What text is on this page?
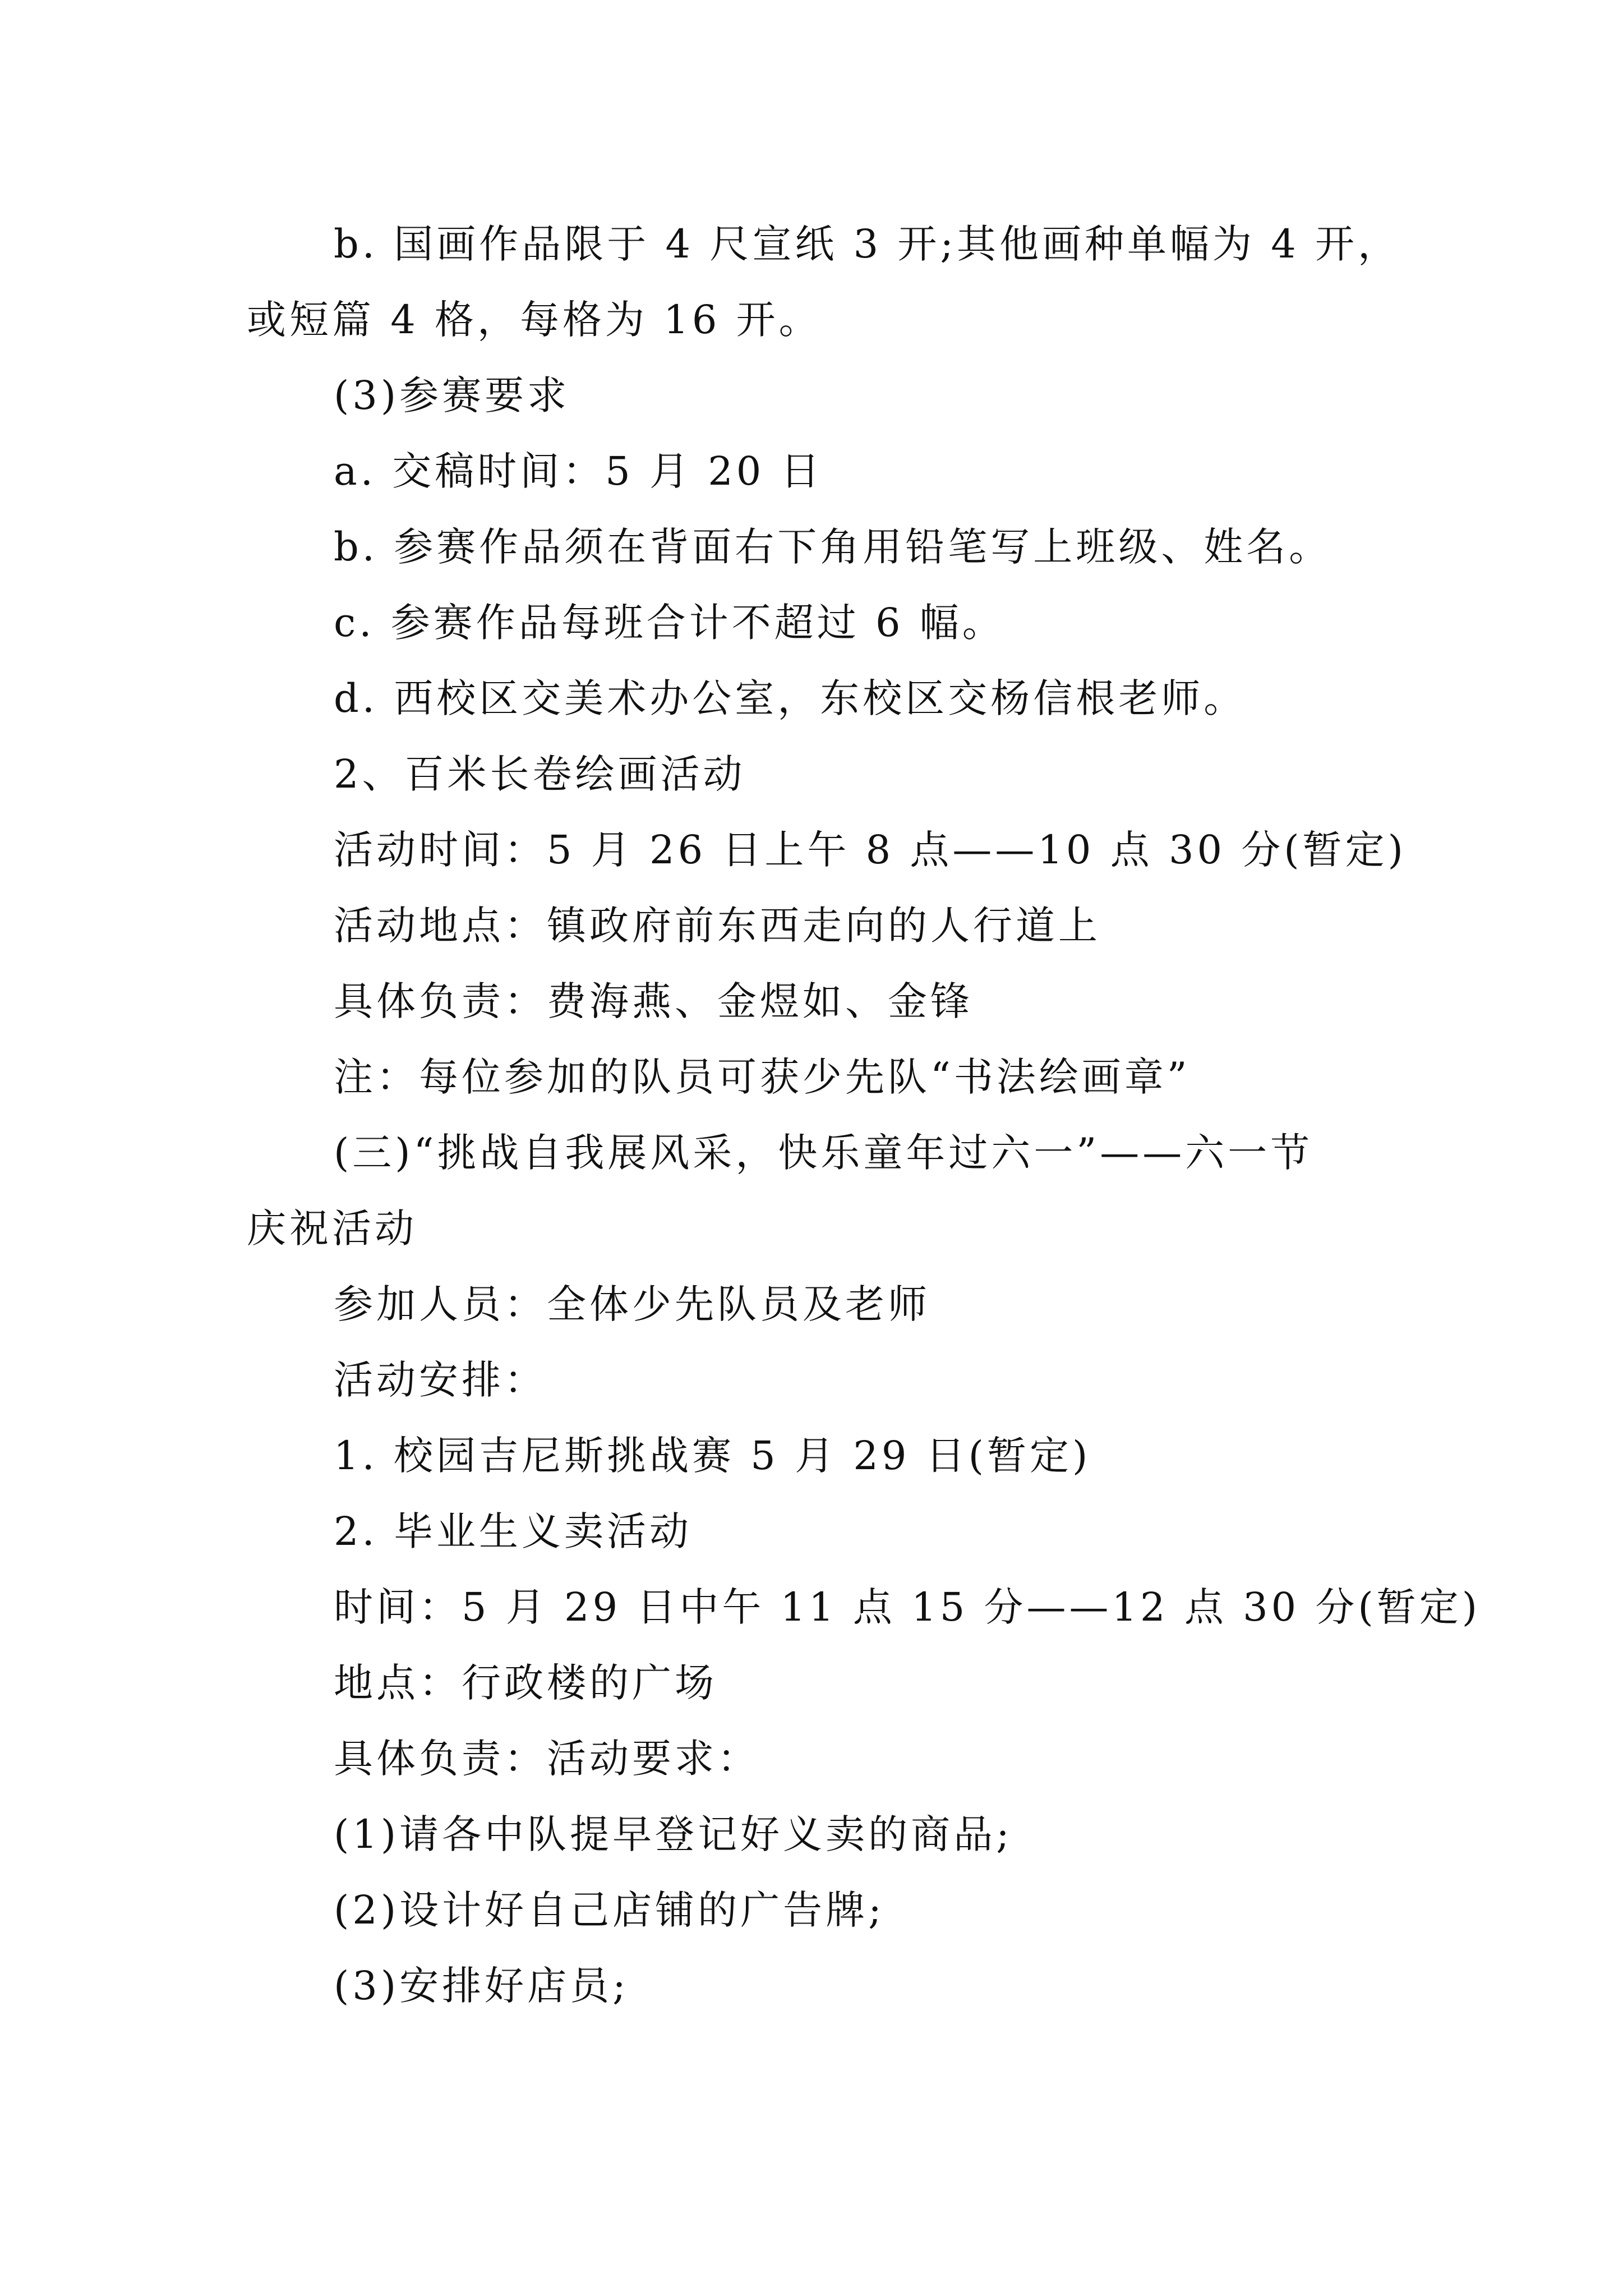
b. 国画作品限于 4 尺宣纸 3 开;其他画种单幅为 4 开，
或短篇 4 格，每格为 16 开。
(3)参赛要求
a. 交稿时间：5 月 20 日
b. 参赛作品须在背面右下角用铅笔写上班级、姓名。
c. 参赛作品每班合计不超过 6 幅。
d. 西校区交美术办公室，东校区交杨信根老师。
2、百米长卷绘画活动
活动时间：5 月 26 日上午 8 点——10 点 30 分(暂定)
活动地点：镇政府前东西走向的人行道上
具体负责：费海燕、金煜如、金锋
注：每位参加的队员可获少先队“书法绘画章”
(三)“挑战自我展风采，快乐童年过六一”——六一节
庆祝活动
参加人员：全体少先队员及老师
活动安排：
1. 校园吉尼斯挑战赛 5 月 29 日(暂定)
2. 毕业生义卖活动
时间：5 月 29 日中午 11 点 15 分——12 点 30 分(暂定)
地点：行政楼的广场
具体负责：活动要求：
(1)请各中队提早登记好义卖的商品;
(2)设计好自己店铺的广告牌;
(3)安排好店员;
